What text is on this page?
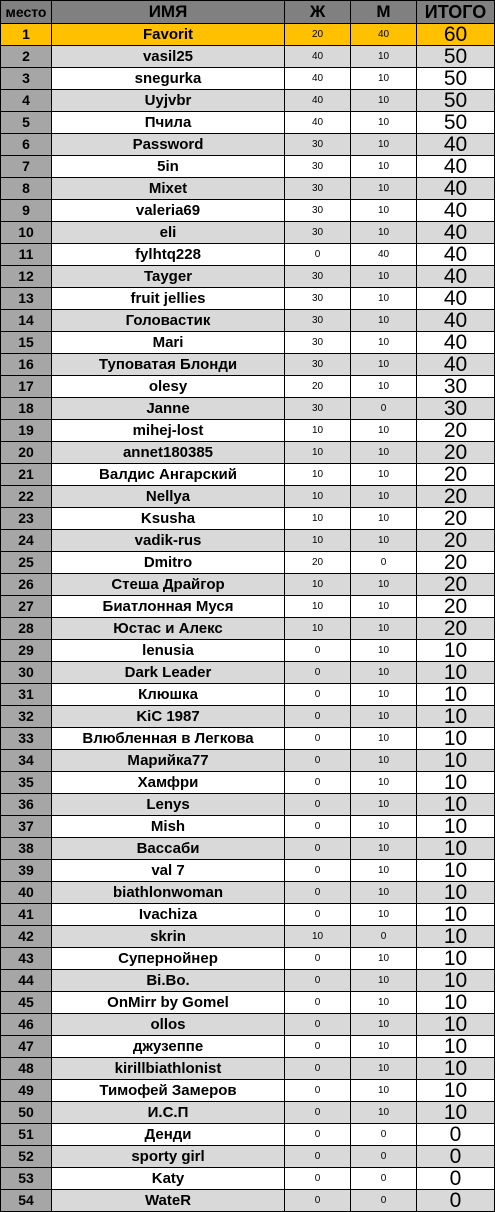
место	ИМЯ	Ж	М	ИТОГО
1	Favorit	20	40	60
2	vasil25	40	10	50
3	snegurka	40	10	50
4	Uyjvbr	40	10	50
5	Пчила	40	10	50
6	Password	30	10	40
7	5in	30	10	40
8	Mixet	30	10	40
9	valeria69	30	10	40
10	eli	30	10	40
11	fylhtq228	0	40	40
12	Tayger	30	10	40
13	fruit jellies	30	10	40
14	Головастик	30	10	40
15	Mari	30	10	40
16	Туповатая Блонди	30	10	40
17	olesy	20	10	30
18	Janne	30	0	30
19	mihej-lost	10	10	20
20	annet180385	10	10	20
21	Валдис Ангарский	10	10	20
22	Nellya	10	10	20
23	Ksusha	10	10	20
24	vadik-rus	10	10	20
25	Dmitro	20	0	20
26	Стеша Драйгор	10	10	20
27	Биатлонная Муся	10	10	20
28	Юстас и Алекс	10	10	20
29	lenusia	0	10	10
30	Dark Leader	0	10	10
31	Клюшка	0	10	10
32	KiC 1987	0	10	10
33	Влюбленная в Легкова	0	10	10
34	Марийка77	0	10	10
35	Хамфри	0	10	10
36	Lenys	0	10	10
37	Mish	0	10	10
38	Вассаби	0	10	10
39	val 7	0	10	10
40	biathlonwoman	0	10	10
41	Ivachiza	0	10	10
42	skrin	10	0	10
43	Супернойнер	0	10	10
44	Bi.Bo.	0	10	10
45	OnMirr by Gomel	0	10	10
46	ollos	0	10	10
47	джузеппе	0	10	10
48	kirillbiathlonist	0	10	10
49	Тимофей Замеров	0	10	10
50	И.С.П	0	10	10
51	Денди	0	0	0
52	sporty girl	0	0	0
53	Katy	0	0	0
54	WateR	0	0	0
